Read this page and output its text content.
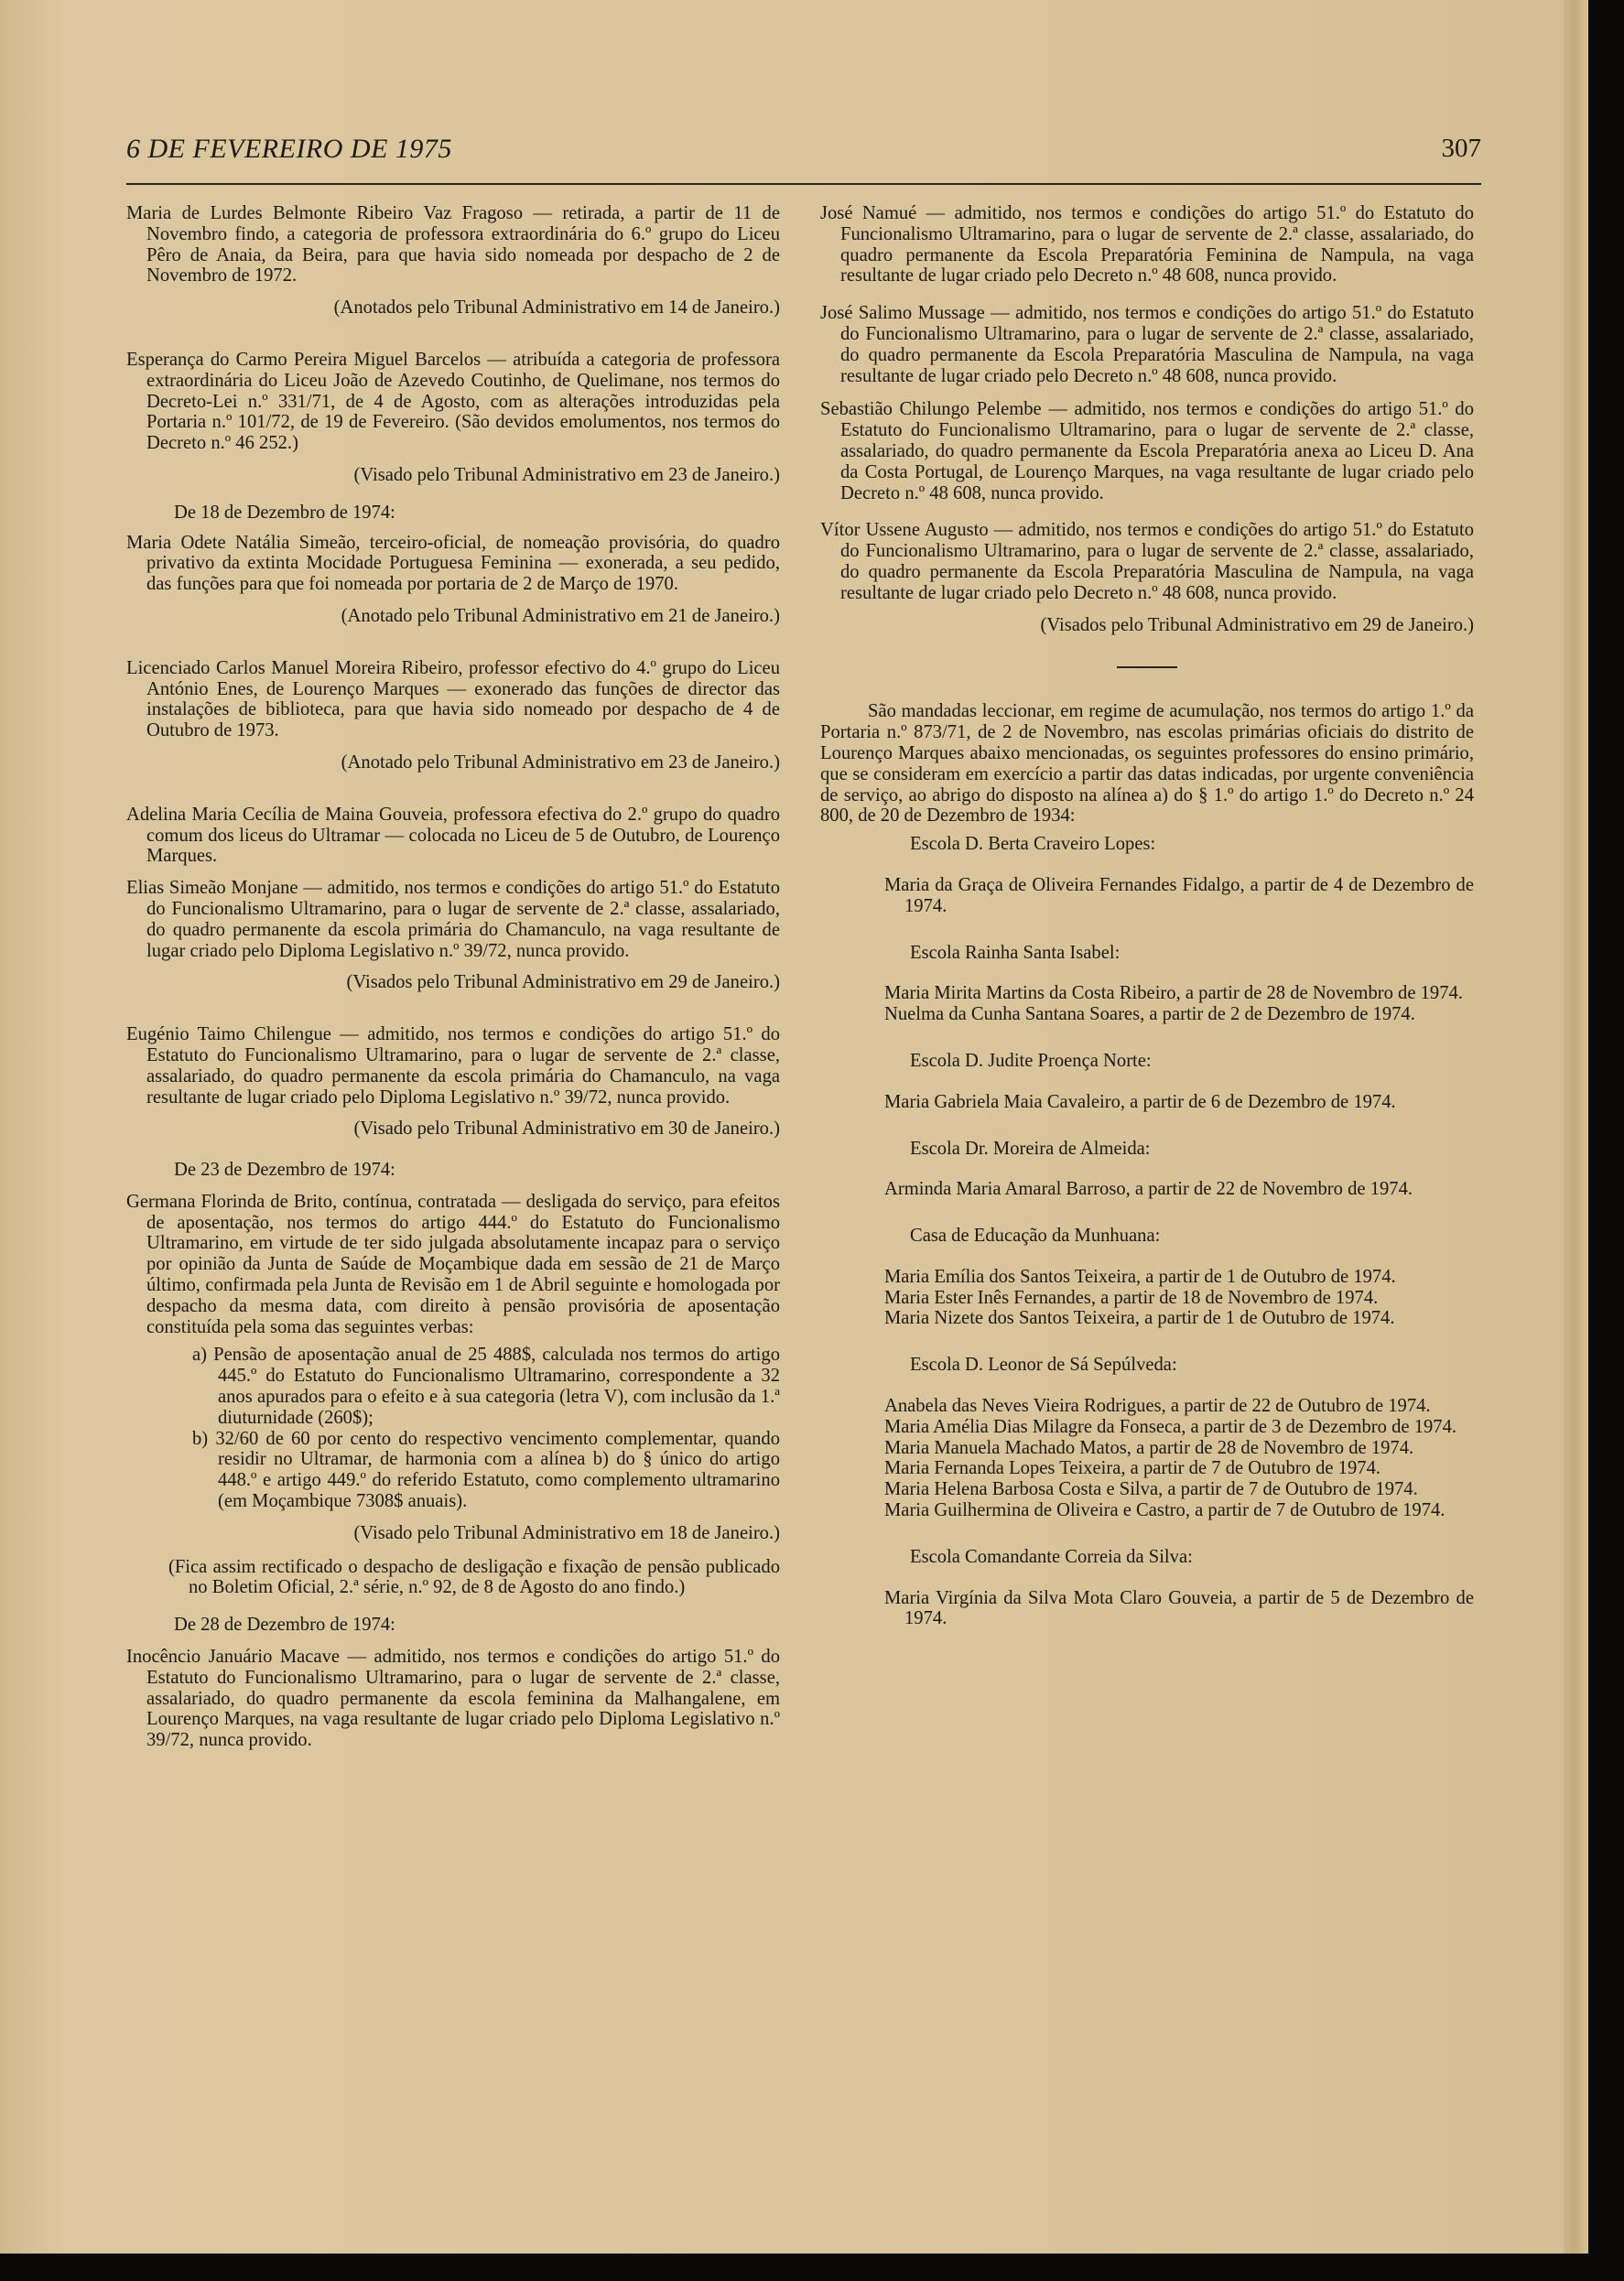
6 DE FEVEREIRO DE 1975	307

Maria de Lurdes Belmonte Ribeiro Vaz Fragoso — retirada, a partir de 11 de Novembro findo, a categoria de professora extraordinária do 6.º grupo do Liceu Pêro de Anaia, da Beira, para que havia sido nomeada por despacho de 2 de Novembro de 1972.

(Anotados pelo Tribunal Administrativo em 14 de Janeiro.)

Esperança do Carmo Pereira Miguel Barcelos — atribuída a categoria de professora extraordinária do Liceu João de Azevedo Coutinho, de Quelimane, nos termos do Decreto-Lei n.º 331/71, de 4 de Agosto, com as alterações introduzidas pela Portaria n.º 101/72, de 19 de Fevereiro. (São devidos emolumentos, nos termos do Decreto n.º 46 252.)

(Visado pelo Tribunal Administrativo em 23 de Janeiro.)

De 18 de Dezembro de 1974:

Maria Odete Natália Simeão, terceiro-oficial, de nomeação provisória, do quadro privativo da extinta Mocidade Portuguesa Feminina — exonerada, a seu pedido, das funções para que foi nomeada por portaria de 2 de Março de 1970.

(Anotado pelo Tribunal Administrativo em 21 de Janeiro.)

Licenciado Carlos Manuel Moreira Ribeiro, professor efectivo do 4.º grupo do Liceu António Enes, de Lourenço Marques — exonerado das funções de director das instalações de biblioteca, para que havia sido nomeado por despacho de 4 de Outubro de 1973.

(Anotado pelo Tribunal Administrativo em 23 de Janeiro.)

Adelina Maria Cecília de Maina Gouveia, professora efectiva do 2.º grupo do quadro comum dos liceus do Ultramar — colocada no Liceu de 5 de Outubro, de Lourenço Marques.

Elias Simeão Monjane — admitido, nos termos e condições do artigo 51.º do Estatuto do Funcionalismo Ultramarino, para o lugar de servente de 2.ª classe, assalariado, do quadro permanente da escola primária do Chamanculo, na vaga resultante de lugar criado pelo Diploma Legislativo n.º 39/72, nunca provido.

(Visados pelo Tribunal Administrativo em 29 de Janeiro.)

Eugénio Taimo Chilengue — admitido, nos termos e condições do artigo 51.º do Estatuto do Funcionalismo Ultramarino, para o lugar de servente de 2.ª classe, assalariado, do quadro permanente da escola primária do Chamanculo, na vaga resultante de lugar criado pelo Diploma Legislativo n.º 39/72, nunca provido.

(Visado pelo Tribunal Administrativo em 30 de Janeiro.)

De 23 de Dezembro de 1974:

Germana Florinda de Brito, contínua, contratada — desligada do serviço, para efeitos de aposentação, nos termos do artigo 444.º do Estatuto do Funcionalismo Ultramarino, em virtude de ter sido julgada absolutamente incapaz para o serviço por opinião da Junta de Saúde de Moçambique dada em sessão de 21 de Março último, confirmada pela Junta de Revisão em 1 de Abril seguinte e homologada por despacho da mesma data, com direito à pensão provisória de aposentação constituída pela soma das seguintes verbas:

a) Pensão de aposentação anual de 25 488$, calculada nos termos do artigo 445.º do Estatuto do Funcionalismo Ultramarino, correspondente a 32 anos apurados para o efeito e à sua categoria (letra V), com inclusão da 1.ª diuturnidade (260$);
b) 32/60 de 60 por cento do respectivo vencimento complementar, quando residir no Ultramar, de harmonia com a alínea b) do § único do artigo 448.º e artigo 449.º do referido Estatuto, como complemento ultramarino (em Moçambique 7308$ anuais).

(Visado pelo Tribunal Administrativo em 18 de Janeiro.)

(Fica assim rectificado o despacho de desligação e fixação de pensão publicado no Boletim Oficial, 2.ª série, n.º 92, de 8 de Agosto do ano findo.)

De 28 de Dezembro de 1974:

Inocêncio Januário Macave — admitido, nos termos e condições do artigo 51.º do Estatuto do Funcionalismo Ultramarino, para o lugar de servente de 2.ª classe, assalariado, do quadro permanente da escola feminina da Malhangalene, em Lourenço Marques, na vaga resultante de lugar criado pelo Diploma Legislativo n.º 39/72, nunca provido.

José Namué — admitido, nos termos e condições do artigo 51.º do Estatuto do Funcionalismo Ultramarino, para o lugar de servente de 2.ª classe, assalariado, do quadro permanente da Escola Preparatória Feminina de Nampula, na vaga resultante de lugar criado pelo Decreto n.º 48 608, nunca provido.

José Salimo Mussage — admitido, nos termos e condições do artigo 51.º do Estatuto do Funcionalismo Ultramarino, para o lugar de servente de 2.ª classe, assalariado, do quadro permanente da Escola Preparatória Masculina de Nampula, na vaga resultante de lugar criado pelo Decreto n.º 48 608, nunca provido.

Sebastião Chilungo Pelembe — admitido, nos termos e condições do artigo 51.º do Estatuto do Funcionalismo Ultramarino, para o lugar de servente de 2.ª classe, assalariado, do quadro permanente da Escola Preparatória anexa ao Liceu D. Ana da Costa Portugal, de Lourenço Marques, na vaga resultante de lugar criado pelo Decreto n.º 48 608, nunca provido.

Vítor Ussene Augusto — admitido, nos termos e condições do artigo 51.º do Estatuto do Funcionalismo Ultramarino, para o lugar de servente de 2.ª classe, assalariado, do quadro permanente da Escola Preparatória Masculina de Nampula, na vaga resultante de lugar criado pelo Decreto n.º 48 608, nunca provido.

(Visados pelo Tribunal Administrativo em 29 de Janeiro.)

São mandadas leccionar, em regime de acumulação, nos termos do artigo 1.º da Portaria n.º 873/71, de 2 de Novembro, nas escolas primárias oficiais do distrito de Lourenço Marques abaixo mencionadas, os seguintes professores do ensino primário, que se consideram em exercício a partir das datas indicadas, por urgente conveniência de serviço, ao abrigo do disposto na alínea a) do § 1.º do artigo 1.º do Decreto n.º 24 800, de 20 de Dezembro de 1934:

Escola D. Berta Craveiro Lopes:

Maria da Graça de Oliveira Fernandes Fidalgo, a partir de 4 de Dezembro de 1974.

Escola Rainha Santa Isabel:

Maria Mirita Martins da Costa Ribeiro, a partir de 28 de Novembro de 1974.

Nuelma da Cunha Santana Soares, a partir de 2 de Dezembro de 1974.

Escola D. Judite Proença Norte:

Maria Gabriela Maia Cavaleiro, a partir de 6 de Dezembro de 1974.

Escola Dr. Moreira de Almeida:

Arminda Maria Amaral Barroso, a partir de 22 de Novembro de 1974.

Casa de Educação da Munhuana:

Maria Emília dos Santos Teixeira, a partir de 1 de Outubro de 1974.

Maria Ester Inês Fernandes, a partir de 18 de Novembro de 1974.

Maria Nizete dos Santos Teixeira, a partir de 1 de Outubro de 1974.

Escola D. Leonor de Sá Sepúlveda:

Anabela das Neves Vieira Rodrigues, a partir de 22 de Outubro de 1974.

Maria Amélia Dias Milagre da Fonseca, a partir de 3 de Dezembro de 1974.

Maria Manuela Machado Matos, a partir de 28 de Novembro de 1974.

Maria Fernanda Lopes Teixeira, a partir de 7 de Outubro de 1974.

Maria Helena Barbosa Costa e Silva, a partir de 7 de Outubro de 1974.

Maria Guilhermina de Oliveira e Castro, a partir de 7 de Outubro de 1974.

Escola Comandante Correia da Silva:

Maria Virgínia da Silva Mota Claro Gouveia, a partir de 5 de Dezembro de 1974.
